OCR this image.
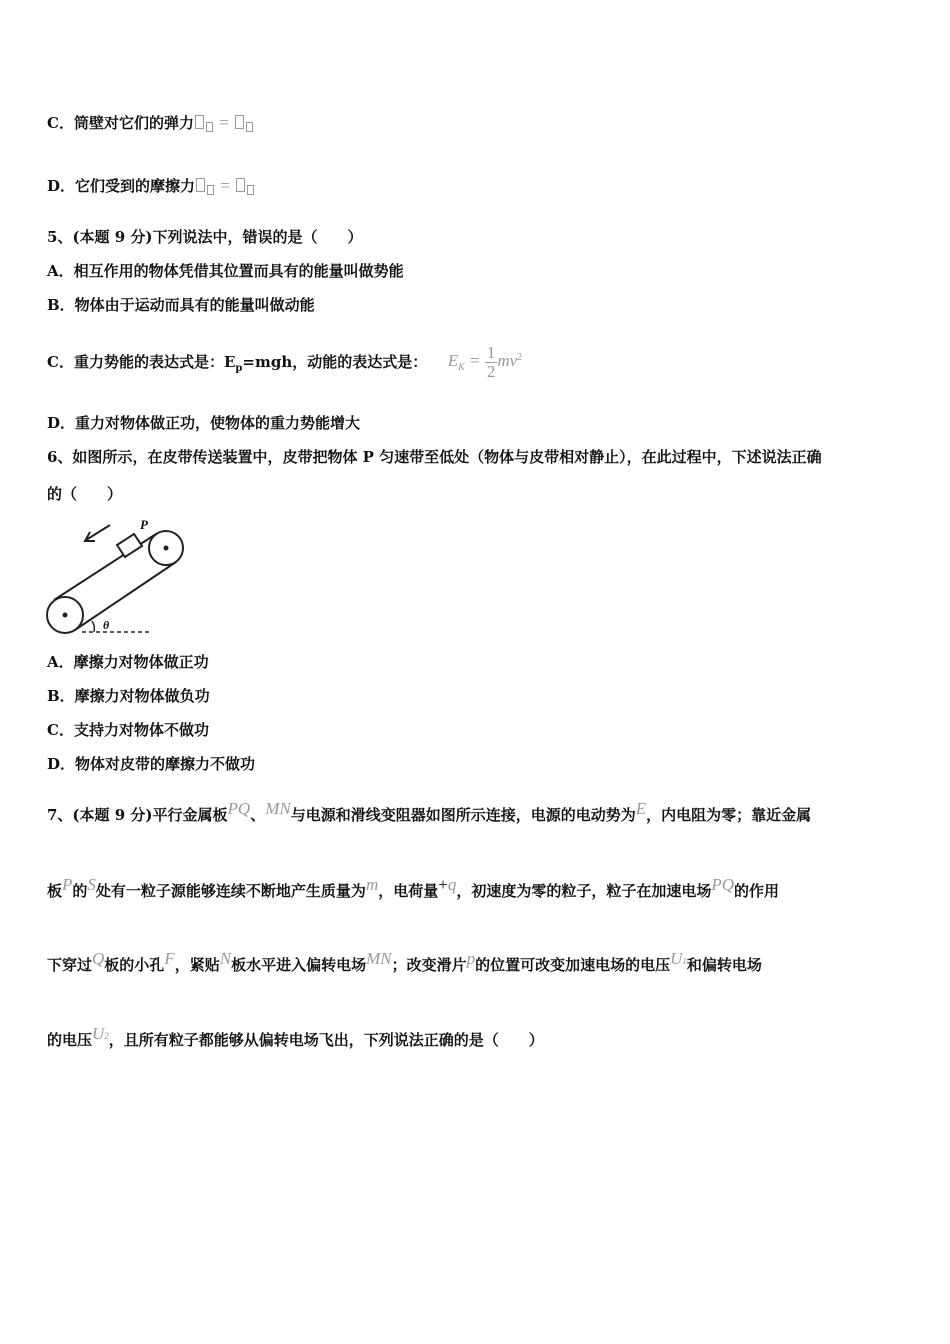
C．筒壁对它们的弹力 =
D．它们受到的摩擦力 =
5、(本题 9 分)下列说法中，错误的是（　　）
A．相互作用的物体凭借其位置而具有的能量叫做势能
B．物体由于运动而具有的能量叫做动能
C．重力势能的表达式是：$E_p=mgh$，动能的表达式是： $E_K = \frac{1}{2} mv^2$
D．重力对物体做正功，使物体的重力势能增大
6、如图所示，在皮带传送装置中，皮带把物体 P 匀速带至低处（物体与皮带相对静止），在此过程中，下述说法正确
的（　　）
P
θ
A．摩擦力对物体做正功
B．摩擦力对物体做负功
C．支持力对物体不做功
D．物体对皮带的摩擦力不做功
7、(本题 9 分)平行金属板$^{PQ}$、$^{MN}$与电源和滑线变阻器如图所示连接，电源的电动势为$^E$，内电阻为零；靠近金属
板$^P$的$^S$处有一粒子源能够连续不断地产生质量为$^m$，电荷量$^{+q}$，初速度为零的粒子，粒子在加速电场$^{PQ}$的作用
下穿过$^Q$板的小孔$^F$，紧贴$^N$板水平进入偏转电场$^{MN}$；改变滑片$^p$的位置可改变加速电场的电压$^{U1}$和偏转电场
的电压$^{U2}$，且所有粒子都能够从偏转电场飞出，下列说法正确的是（　　）
